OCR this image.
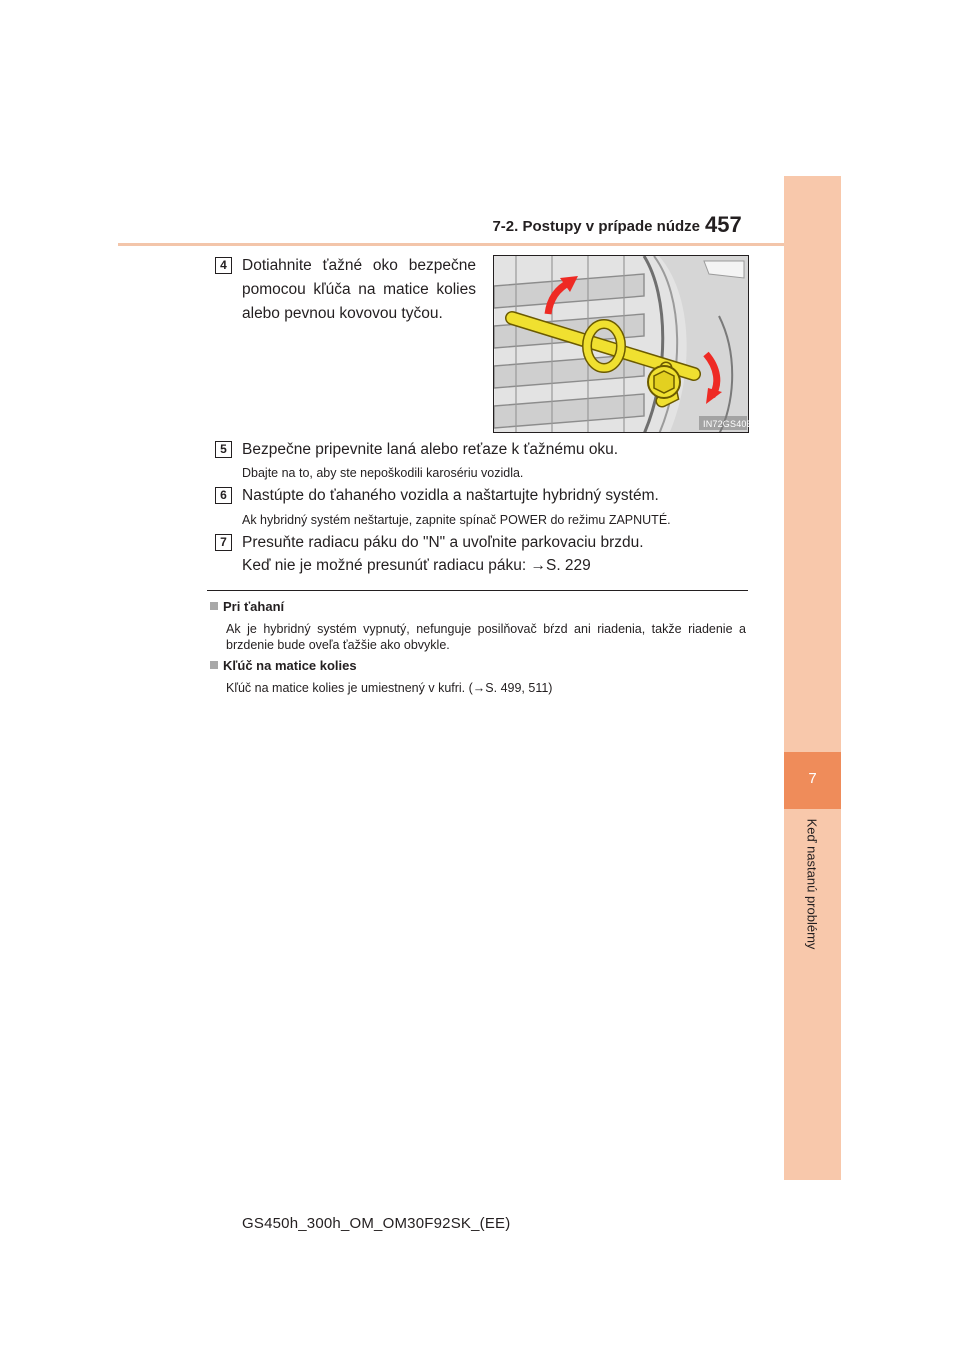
7-2. Postupy v prípade núdze 457
7
Keď nastanú problémy
4 Dotiahnite ťažné oko bezpečne pomocou kľúča na matice kolies alebo pevnou kovovou tyčou.
IN72GS40B
5 Bezpečne pripevnite laná alebo reťaze k ťažnému oku.
Dbajte na to, aby ste nepoškodili karosériu vozidla.
6 Nastúpte do ťahaného vozidla a naštartujte hybridný systém.
Ak hybridný systém neštartuje, zapnite spínač POWER do režimu ZAPNUTÉ.
7 Presuňte radiacu páku do "N" a uvoľnite parkovaciu brzdu.
Keď nie je možné presunúť radiacu páku: →S. 229
Pri ťahaní
Ak je hybridný systém vypnutý, nefunguje posilňovač bŕzd ani riadenia, takže riadenie a brzdenie bude oveľa ťažšie ako obvykle.
Kľúč na matice kolies
Kľúč na matice kolies je umiestnený v kufri. (→S. 499, 511)
GS450h_300h_OM_OM30F92SK_(EE)
